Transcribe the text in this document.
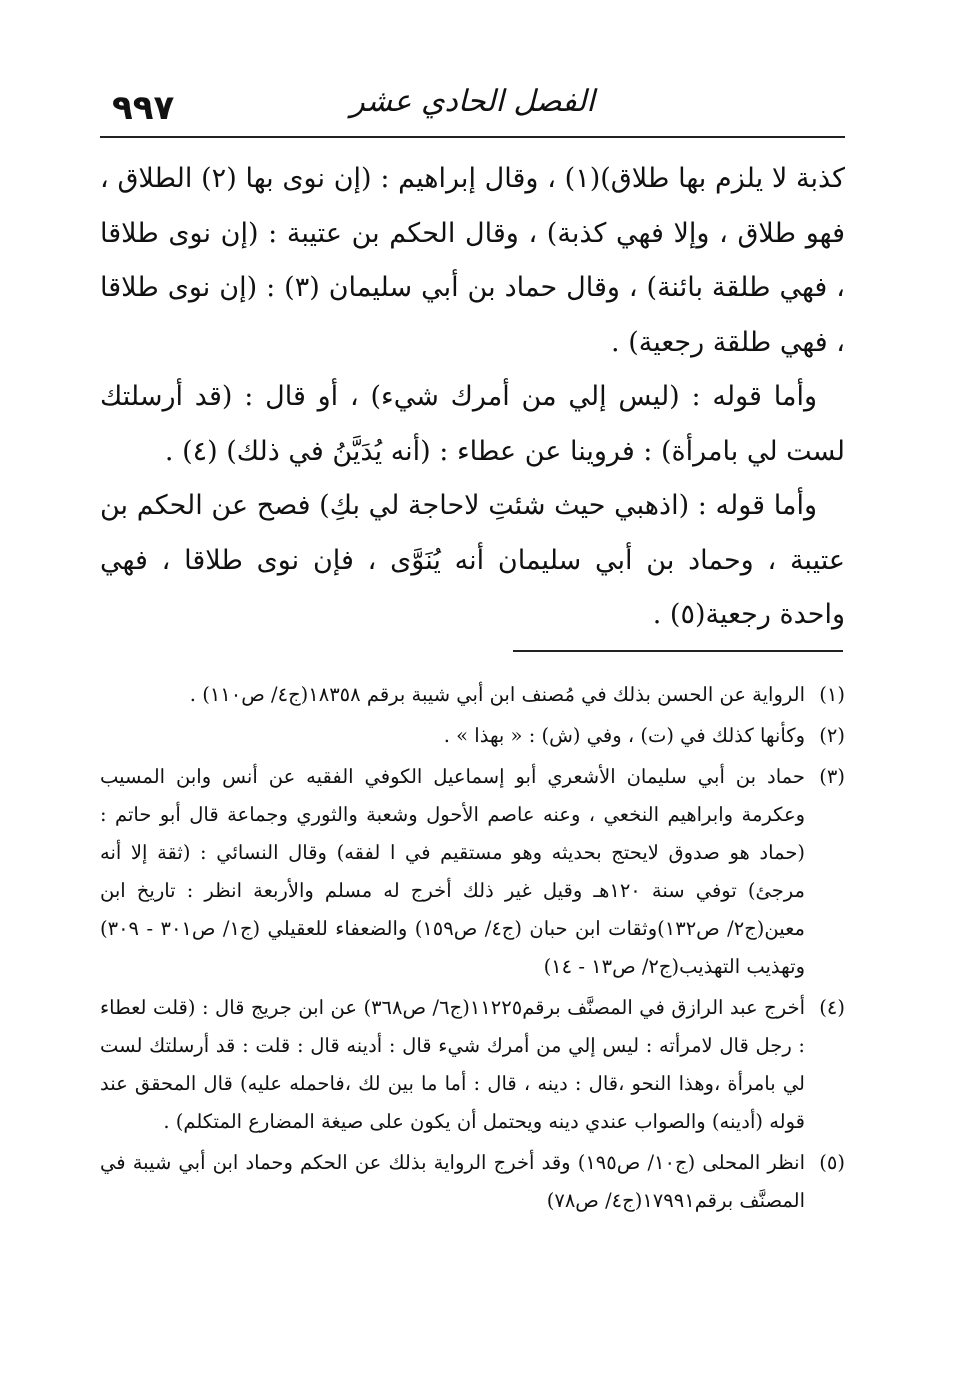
٩٩٧	الفصل الحادي عشر

كذبة لا يلزم بها طلاق)(١) ، وقال إبراهيم : (إن نوى بها (٢) الطلاق ، فهو طلاق ، وإلا فهي كذبة) ، وقال الحكم بن عتيبة : (إن نوى طلاقا ، فهي طلقة بائنة) ، وقال حماد بن أبي سليمان (٣) : (إن نوى طلاقا ، فهي طلقة رجعية) .

وأما قوله : (ليس إلي من أمرك شيء) ، أو قال : (قد أرسلتك لست لي بامرأة) : فروينا عن عطاء : (أنه يُدَيَّنُ في ذلك) (٤) .

وأما قوله : (اذهبي حيث شئتِ لاحاجة لي بكِ) فصح عن الحكم بن عتيبة ، وحماد بن أبي سليمان أنه يُنَوَّى ، فإن نوى طلاقا ، فهي واحدة رجعية(٥) .

(١)
الرواية عن الحسن بذلك في مُصنف ابن أبي شيبة برقم ١٨٣٥٨(ج٤/ ص١١٠) .
(٢)
وكأنها كذلك في (ت) ، وفي (ش) : « بهذا » .
(٣)
حماد بن أبي سليمان الأشعري أبو إسماعيل الكوفي الفقيه عن أنس وابن المسيب وعكرمة وابراهيم النخعي ، وعنه عاصم الأحول وشعبة والثوري وجماعة قال أبو حاتم : (حماد هو صدوق لايحتج بحديثه وهو مستقيم في ا لفقه) وقال النسائي : (ثقة إلا أنه مرجئ) توفي سنة ١٢٠هـ وقيل غير ذلك أخرج له مسلم والأربعة انظر : تاريخ ابن معين(ج٢/ ص١٣٢)وثقات ابن حبان (ج٤/ ص١٥٩) والضعفاء للعقيلي (ج١/ ص٣٠١ - ٣٠٩) وتهذيب التهذيب(ج٢/ ص١٣ - ١٤)
(٤)
أخرج عبد الرازق في المصنَّف برقم١١٢٢٥(ج٦/ ص٣٦٨) عن ابن جريج قال : (قلت لعطاء : رجل قال لامرأته : ليس إلي من أمرك شيء قال : أدينه قال : قلت : قد أرسلتك لست لي بامرأة ،وهذا النحو ،قال : دينه ، قال : أما ما بين لك ،فاحمله عليه) قال المحقق عند قوله (أدينه) والصواب عندي دينه ويحتمل أن يكون على صيغة المضارع المتكلم) .
(٥)
انظر المحلى (ج١٠/ ص١٩٥) وقد أخرج الرواية بذلك عن الحكم وحماد ابن أبي شيبة في المصنَّف برقم١٧٩٩١(ج٤/ ص٧٨)
